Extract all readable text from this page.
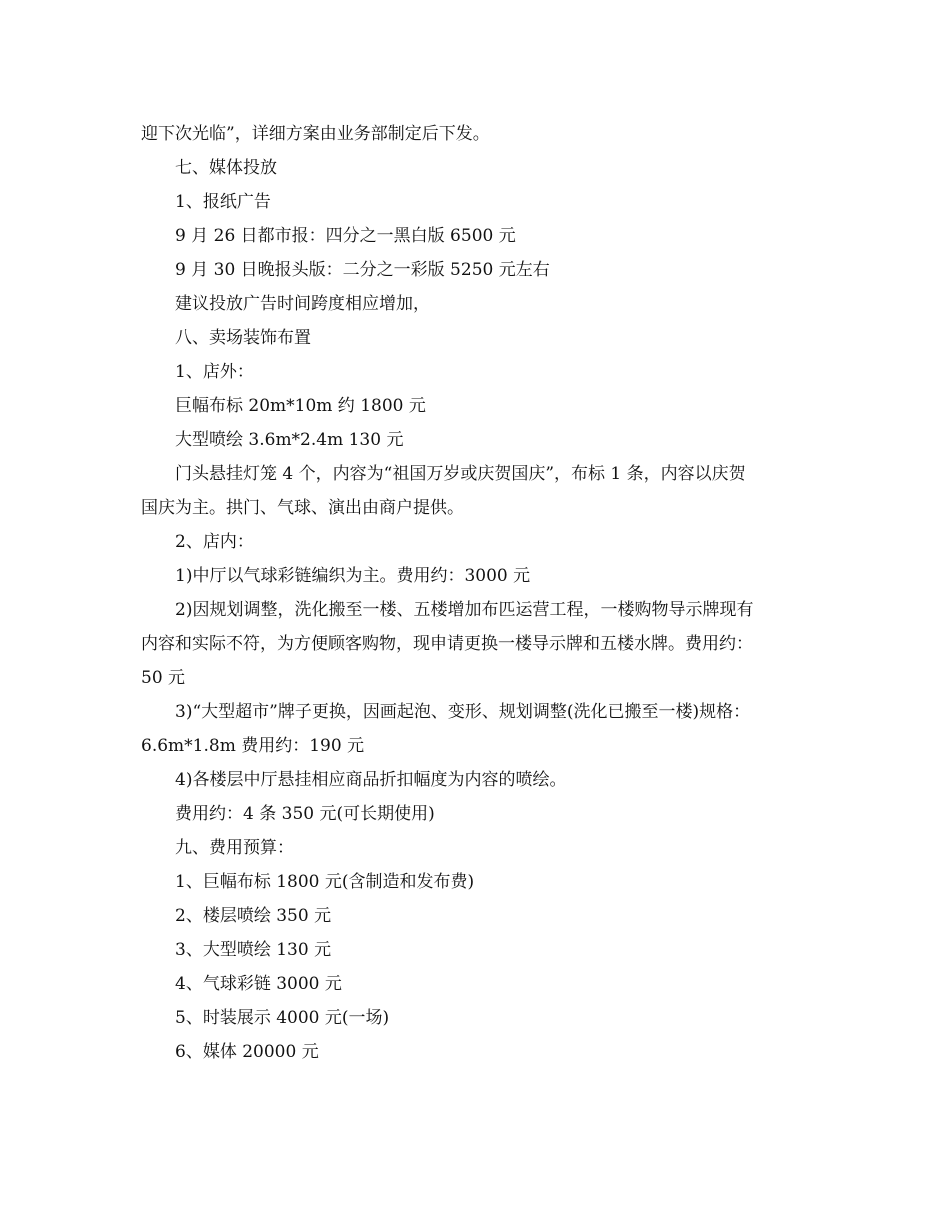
迎下次光临”，详细方案由业务部制定后下发。
七、媒体投放
1、报纸广告
9 月 26 日都市报：四分之一黑白版 6500 元
9 月 30 日晚报头版：二分之一彩版 5250 元左右
建议投放广告时间跨度相应增加，
八、卖场装饰布置
1、店外：
巨幅布标 20m*10m 约 1800 元
大型喷绘 3.6m*2.4m 130 元
门头悬挂灯笼 4 个，内容为“祖国万岁或庆贺国庆”，布标 1 条，内容以庆贺
国庆为主。拱门、气球、演出由商户提供。
2、店内：
1)中厅以气球彩链编织为主。费用约：3000 元
2)因规划调整，洗化搬至一楼、五楼增加布匹运营工程，一楼购物导示牌现有
内容和实际不符，为方便顾客购物，现申请更换一楼导示牌和五楼水牌。费用约：
50 元
3)“大型超市”牌子更换，因画起泡、变形、规划调整(洗化已搬至一楼)规格：
6.6m*1.8m 费用约：190 元
4)各楼层中厅悬挂相应商品折扣幅度为内容的喷绘。
费用约：4 条 350 元(可长期使用)
九、费用预算：
1、巨幅布标 1800 元(含制造和发布费)
2、楼层喷绘 350 元
3、大型喷绘 130 元
4、气球彩链 3000 元
5、时装展示 4000 元(一场)
6、媒体 20000 元
